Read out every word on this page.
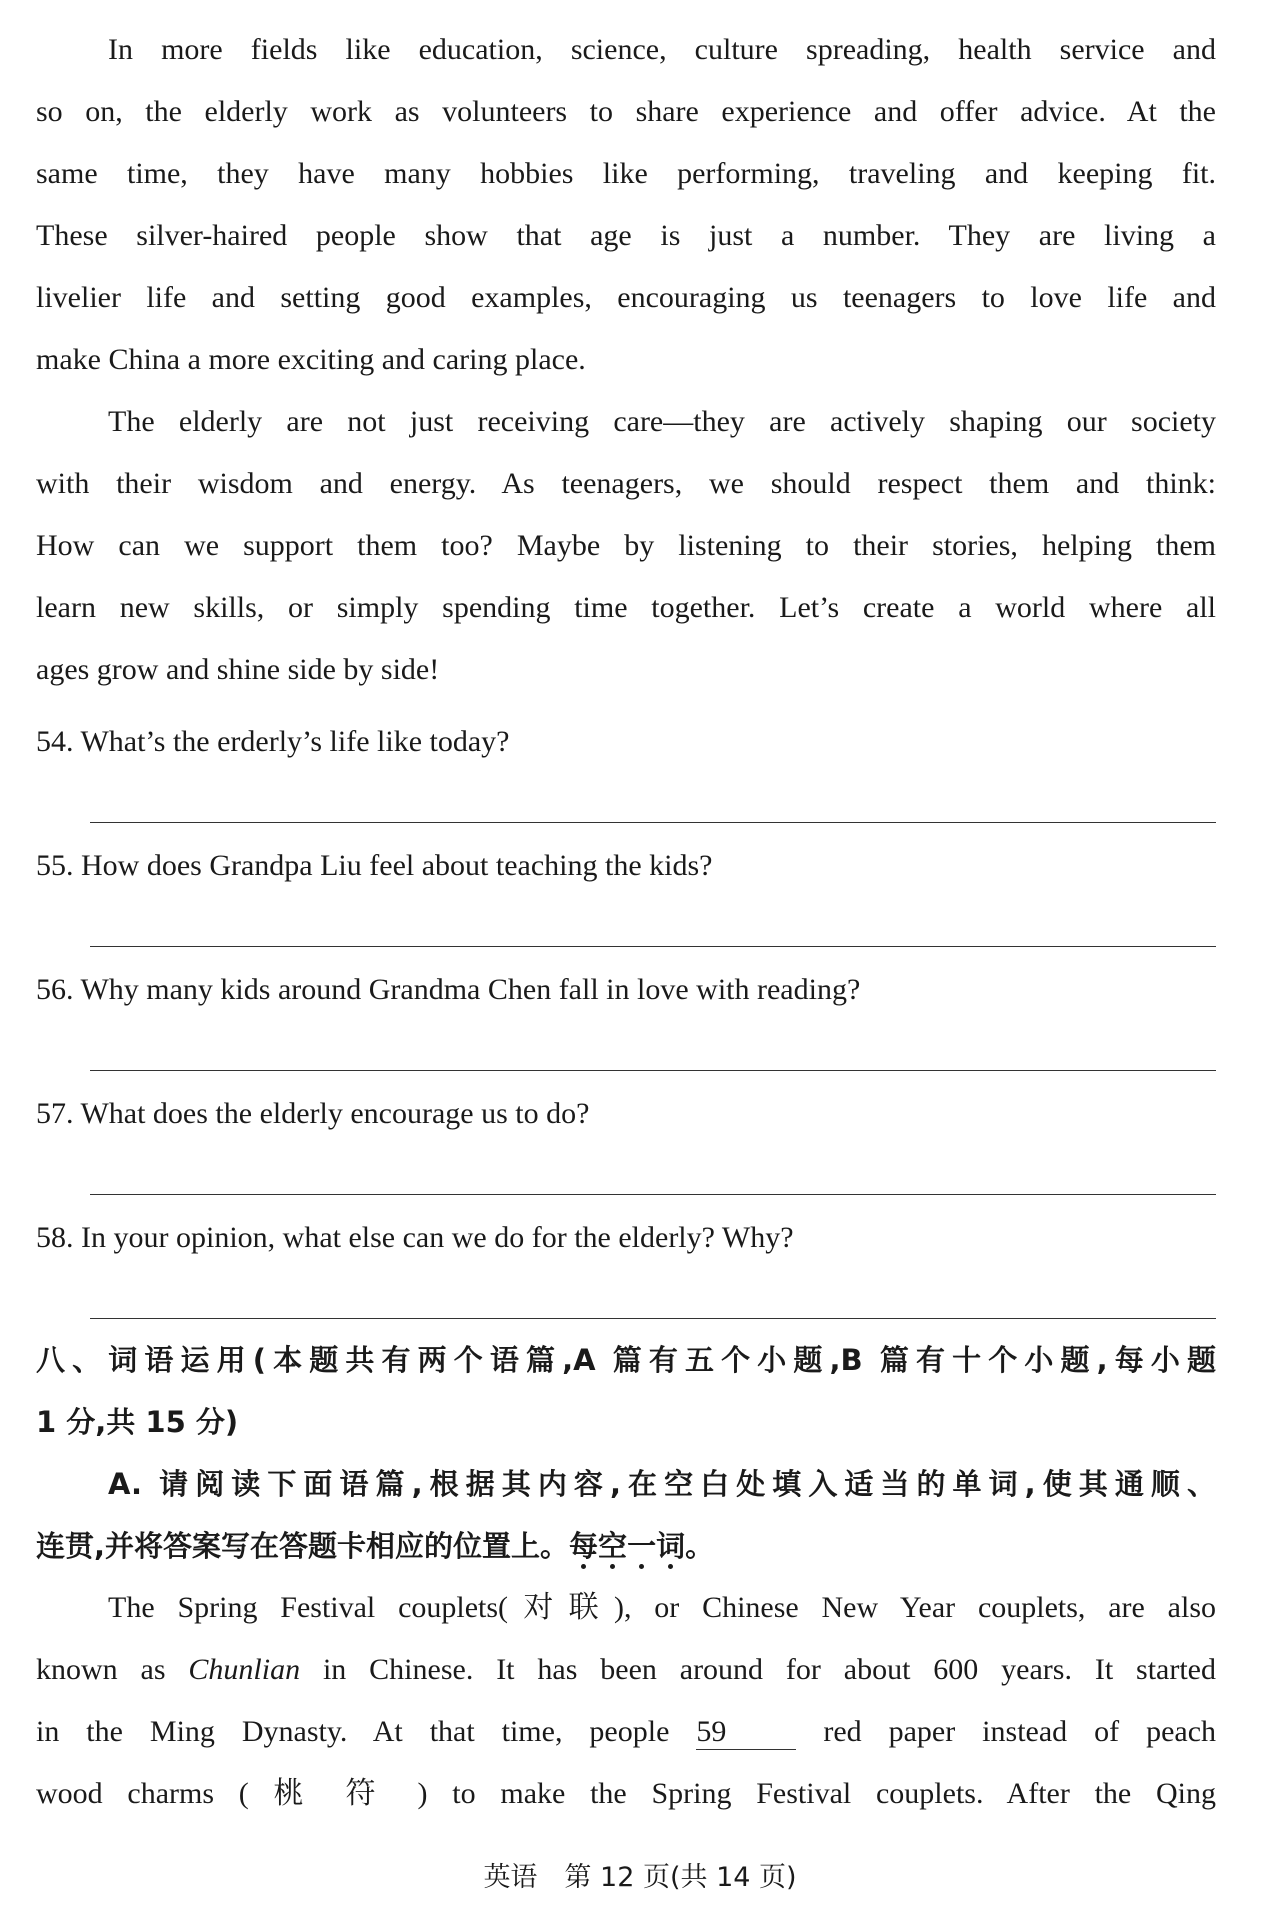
In more fields like education, science, culture spreading, health service and
so on, the elderly work as volunteers to share experience and offer advice. At the
same time, they have many hobbies like performing, traveling and keeping fit.
These silver-haired people show that age is just a number. They are living a
livelier life and setting good examples, encouraging us teenagers to love life and
make China a more exciting and caring place.

The elderly are not just receiving care—they are actively shaping our society
with their wisdom and energy. As teenagers, we should respect them and think:
How can we support them too? Maybe by listening to their stories, helping them
learn new skills, or simply spending time together. Let’s create a world where all
ages grow and shine side by side!

54. What’s the erderly’s life like today?

55. How does Grandpa Liu feel about teaching the kids?

56. Why many kids around Grandma Chen fall in love with reading?

57. What does the elderly encourage us to do?

58. In your opinion, what else can we do for the elderly? Why?

八、词语运用(本题共有两个语篇,A 篇有五个小题,B 篇有十个小题,每小题
1 分,共 15 分)

A. 请阅读下面语篇,根据其内容,在空白处填入适当的单词,使其通顺、
连贯,并将答案写在答题卡相应的位置上。每空一词。

The Spring Festival couplets(对联), or Chinese New Year couplets, are also
known as Chunlian in Chinese. It has been around for about 600 years. It started
in the Ming Dynasty. At that time, people 59	red paper instead of peach
wood charms ( 桃 符 ) to make the Spring Festival couplets. After the Qing

英语　第 12 页(共 14 页)
